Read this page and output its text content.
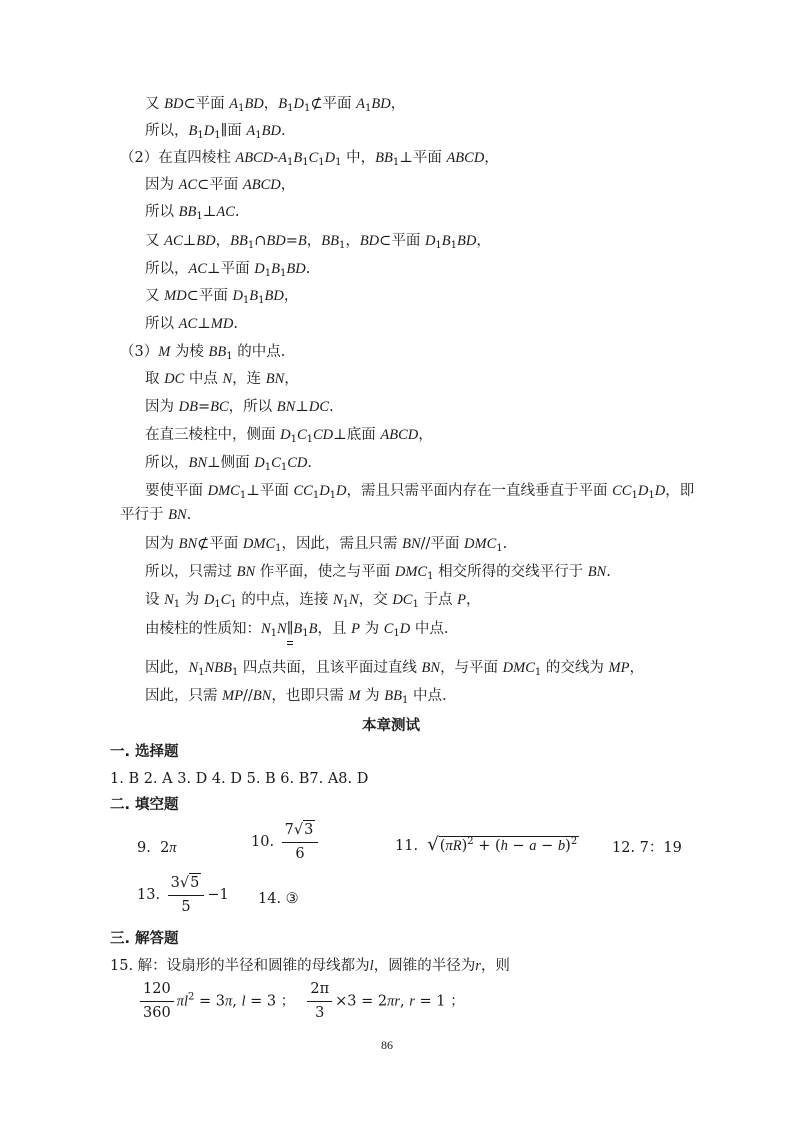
又 BD⊂平面 $A_1BD$，$B_1D_1⊄$平面 $A_1BD$，
所以，$B_1D_1\parallel$面 $A_1BD$.
（2）在直四棱柱 ABCD-$A_1B_1C_1D_1$ 中，$BB_1\perp$平面 ABCD，
因为 AC⊂平面 ABCD，
所以 $BB_1\perp AC$.
又 AC⊥BD，$BB_1\cap BD=B$，$BB_1$，BD⊂平面 $D_1B_1BD$，
所以，AC⊥平面 $D_1B_1BD$.
又 MD⊂平面 $D_1B_1BD$，
所以 AC⊥MD.
（3）M 为棱 $BB_1$ 的中点.
取 DC 中点 N，连 BN，
因为 DB=BC，所以 BN⊥DC.
在直三棱柱中，侧面 $D_1C_1CD\perp$底面 ABCD，
所以，BN⊥侧面 $D_1C_1CD$.
要使平面 $DMC_1\perp$平面 $CC_1D_1D$，需且只需平面内存在一直线垂直于平面 $CC_1D_1D$，即
平行于 BN.
因为 BN⊄平面 $DMC_1$，因此，需且只需 BN//平面 $DMC_1$.
所以，只需过 BN 作平面，使之与平面 $DMC_1$ 相交所得的交线平行于 BN.
设 $N_1$ 为 $D_1C_1$ 的中点，连接 $N_1N$，交 $DC_1$ 于点 P，
由棱柱的性质知：$N_1N\parallel$
$B_1B$，且 P 为 $C_1D$ 中点.
因此，$N_1NBB_1$ 四点共面，且该平面过直线 BN，与平面 $DMC_1$ 的交线为 MP，
因此，只需 MP//BN，也即只需 M 为 $BB_1$ 中点.
本章测试
一. 选择题
1. B 2. A 3. D 4. D 5. B 6. B7. A8. D
二. 填空题
9. 2π	10. $\frac{7√3}{6}$	11. $√(\pi R)^2 + (h - a - b)^2$ 12. 7：19
13. $\frac{3√5}{5} -1$ 14. ③
三. 解答题
15. 解：设扇形的半径和圆锥的母线都为l，圆锥的半径为r，则
$\frac{120}{360} \pi l^2 = 3\pi$, l = 3 ； $\frac{2\pi}{3} \times 3 = 2\pi r$, r = 1 ；
86
